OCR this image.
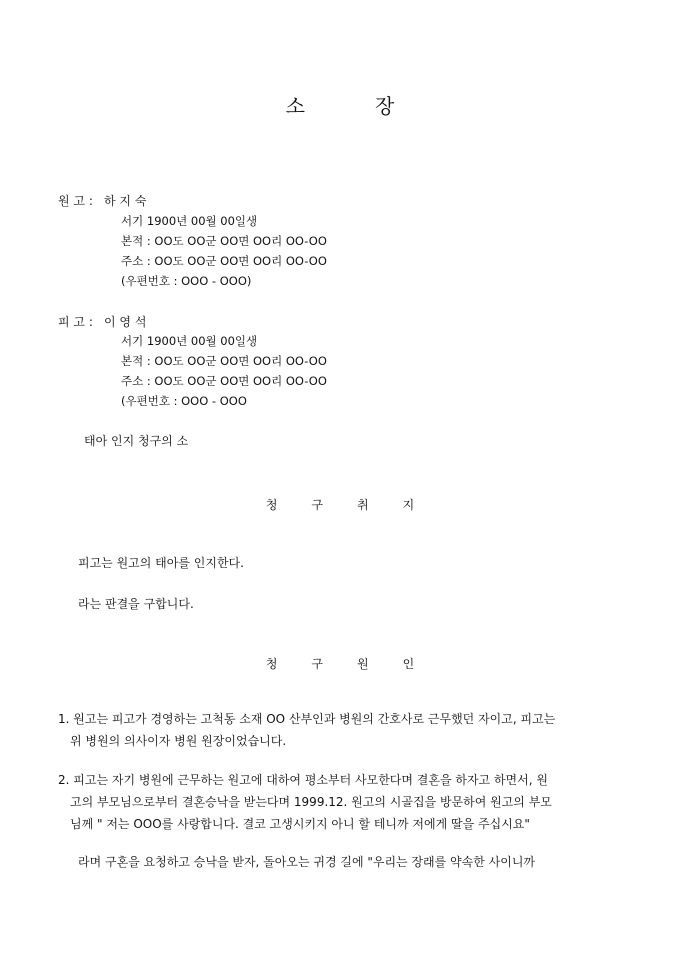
소	장
원 고 : 하 지 숙
서기 1900년 00월 00일생
본적 : OO도 OO군 OO면 OO리 OO-OO
주소 : OO도 OO군 OO면 OO리 OO-OO
(우편번호 : OOO - OOO)
피 고 : 이 영 석
서기 1900년 00월 00일생
본적 : OO도 OO군 OO면 OO리 OO-OO
주소 : OO도 OO군 OO면 OO리 OO-OO
(우편번호 : OOO - OOO
태아 인지 청구의 소
청	구	취	지
피고는 원고의 태아를 인지한다.
라는 판결을 구합니다.
청	구	원	인
1. 원고는 피고가 경영하는 고척동 소재 OO 산부인과 병원의 간호사로 근무했던 자이고, 피고는
위 병원의 의사이자 병원 원장이었습니다.
2. 피고는 자기 병원에 근무하는 원고에 대하여 평소부터 사모한다며 결혼을 하자고 하면서, 원
고의 부모님으로부터 결혼승낙을 받는다며 1999.12. 원고의 시골집을 방문하여 원고의 부모
님께 " 저는 OOO를 사랑합니다. 결코 고생시키지 아니 할 테니까 저에게 딸을 주십시요"
라며 구혼을 요청하고 승낙을 받자, 돌아오는 귀경 길에 "우리는 장래를 약속한 사이니까
